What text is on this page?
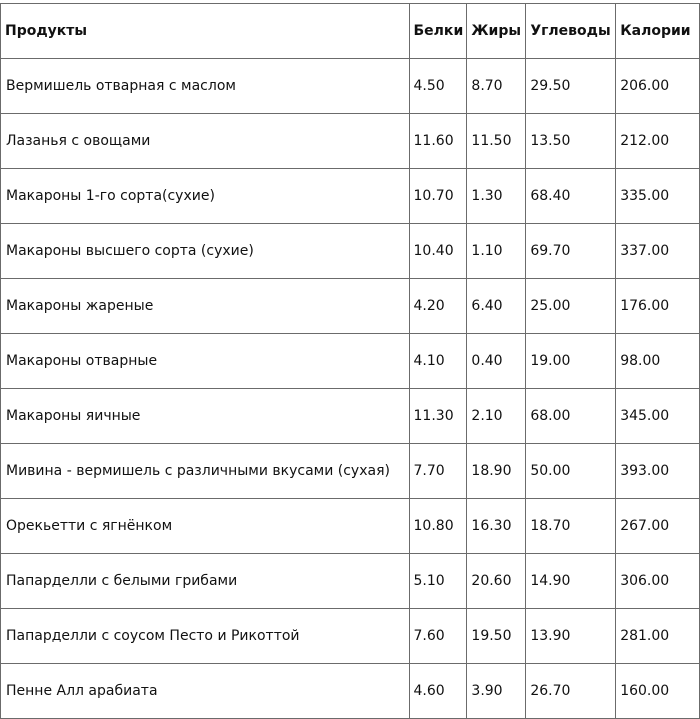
Продукты	Белки	Жиры	Углеводы	Калории
Вермишель отварная с маслом	4.50	8.70	29.50	206.00
Лазанья с овощами	11.60	11.50	13.50	212.00
Макароны 1-го сорта(сухие)	10.70	1.30	68.40	335.00
Макароны высшего сорта (сухие)	10.40	1.10	69.70	337.00
Макароны жареные	4.20	6.40	25.00	176.00
Макароны отварные	4.10	0.40	19.00	98.00
Макароны яичные	11.30	2.10	68.00	345.00
Мивина - вермишель с различными вкусами (сухая)	7.70	18.90	50.00	393.00
Орекьетти с ягнёнком	10.80	16.30	18.70	267.00
Папарделли с белыми грибами	5.10	20.60	14.90	306.00
Папарделли с соусом Песто и Рикоттой	7.60	19.50	13.90	281.00
Пенне Алл арабиата	4.60	3.90	26.70	160.00
